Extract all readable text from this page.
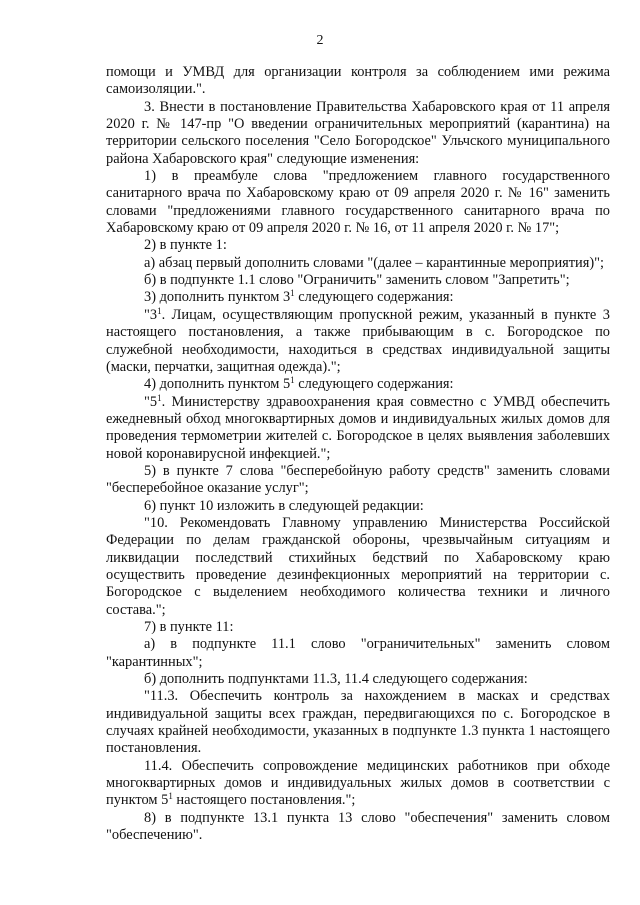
2

помощи и УМВД для организации контроля за соблюдением ими режима самоизоляции.".

3. Внести в постановление Правительства Хабаровского края от 11 апреля 2020 г. № 147-пр "О введении ограничительных мероприятий (карантина) на территории сельского поселения "Село Богородское" Ульчского муниципального района Хабаровского края" следующие изменения:

1) в преамбуле слова "предложением главного государственного санитарного врача по Хабаровскому краю от 09 апреля 2020 г. № 16" заменить словами "предложениями главного государственного санитарного врача по Хабаровскому краю от 09 апреля 2020 г. № 16, от 11 апреля 2020 г. № 17";

2) в пункте 1:

а) абзац первый дополнить словами "(далее – карантинные мероприятия)";

б) в подпункте 1.1 слово "Ограничить" заменить словом "Запретить";

3) дополнить пунктом $3^1$ следующего содержания:

"$3^1$. Лицам, осуществляющим пропускной режим, указанный в пункте 3 настоящего постановления, а также прибывающим в с. Богородское по служебной необходимости, находиться в средствах индивидуальной защиты (маски, перчатки, защитная одежда).";

4) дополнить пунктом $5^1$ следующего содержания:

"$5^1$. Министерству здравоохранения края совместно с УМВД обеспечить ежедневный обход многоквартирных домов и индивидуальных жилых домов для проведения термометрии жителей с. Богородское в целях выявления заболевших новой коронавирусной инфекцией.";

5) в пункте 7 слова "бесперебойную работу средств" заменить словами "бесперебойное оказание услуг";

6) пункт 10 изложить в следующей редакции:

"10. Рекомендовать Главному управлению Министерства Российской Федерации по делам гражданской обороны, чрезвычайным ситуациям и ликвидации последствий стихийных бедствий по Хабаровскому краю осуществить проведение дезинфекционных мероприятий на территории с. Богородское с выделением необходимого количества техники и личного состава.";

7) в пункте 11:

а) в подпункте 11.1 слово "ограничительных" заменить словом "карантинных";

б) дополнить подпунктами 11.3, 11.4 следующего содержания:

"11.3. Обеспечить контроль за нахождением в масках и средствах индивидуальной защиты всех граждан, передвигающихся по с. Богородское в случаях крайней необходимости, указанных в подпункте 1.3 пункта 1 настоящего постановления.

11.4. Обеспечить сопровождение медицинских работников при обходе многоквартирных домов и индивидуальных жилых домов в соответствии с пунктом $5^1$ настоящего постановления.";

8) в подпункте 13.1 пункта 13 слово "обеспечения" заменить словом "обеспечению".
